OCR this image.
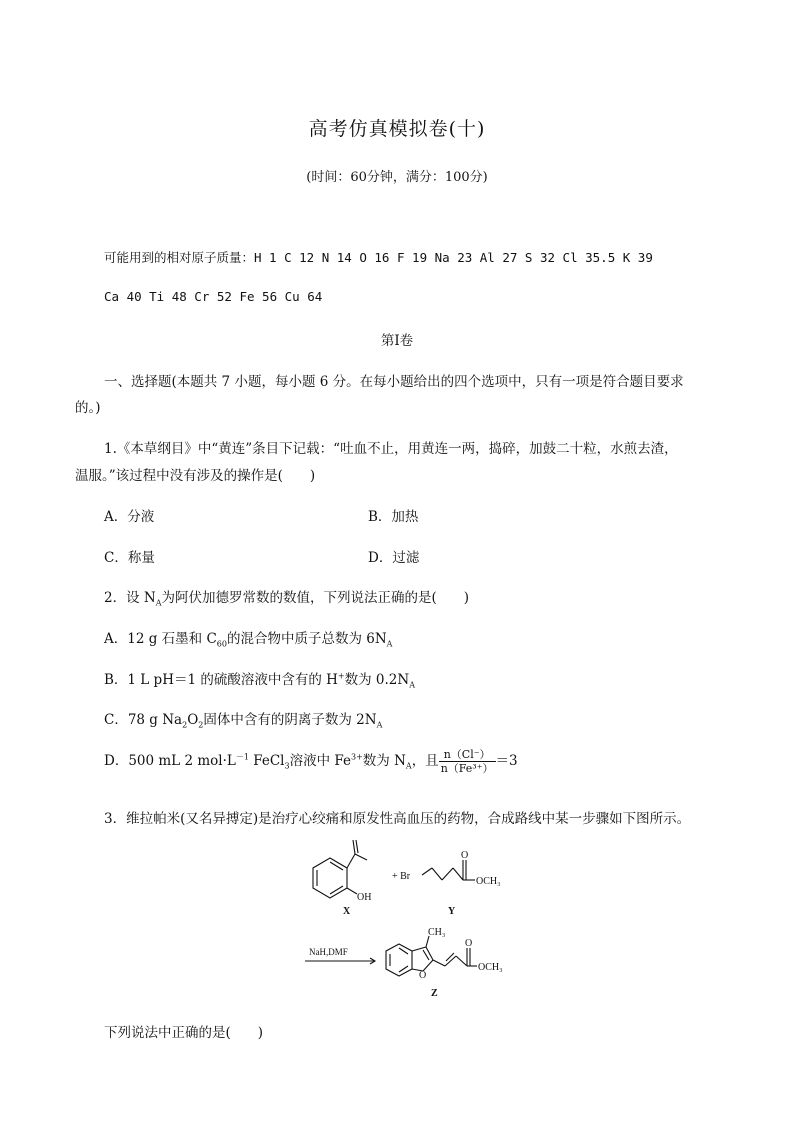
高考仿真模拟卷(十)
(时间：60分钟，满分：100分)
可能用到的相对原子质量：H 1 C 12 N 14 O 16 F 19 Na 23 Al 27 S 32 Cl 35.5 K 39
Ca 40 Ti 48 Cr 52 Fe 56 Cu 64
第Ⅰ卷
一、选择题(本题共 7 小题，每小题 6 分。在每小题给出的四个选项中，只有一项是符合题目要求
的。)
1.《本草纲目》中“黄连”条目下记载：“吐血不止，用黄连一两，捣碎，加鼓二十粒，水煎去渣，
温服。”该过程中没有涉及的操作是(　　)
A．分液	B．加热
C．称量	D．过滤
2．设 $N_A$为阿伏加德罗常数的数值，下列说法正确的是(　　)
A．12 g 石墨和 $C_{60}$的混合物中质子总数为 $6N_A$
B．1 L pH＝1 的硫酸溶液中含有的 H+数为 $0.2N_A$
C．78 g $Na_2O_2$固体中含有的阴离子数为 $2N_A$
D．500 mL 2 $mol\cdot L^{-1}$ FeCl$_3$溶液中 $Fe^{3+}$数为 $N_A$，且 $\frac{n(Cl^-)}{\text{n（Fe³⁺）}} =3$
3．维拉帕米(又名异搏定)是治疗心绞痛和原发性高血压的药物，合成路线中某一步骤如下图所示。
OH
+ Br
O
OCH₃
CH₃
O
O
OCH₃
NaH,DMF
X	Y
Z
下列说法中正确的是(　　)
